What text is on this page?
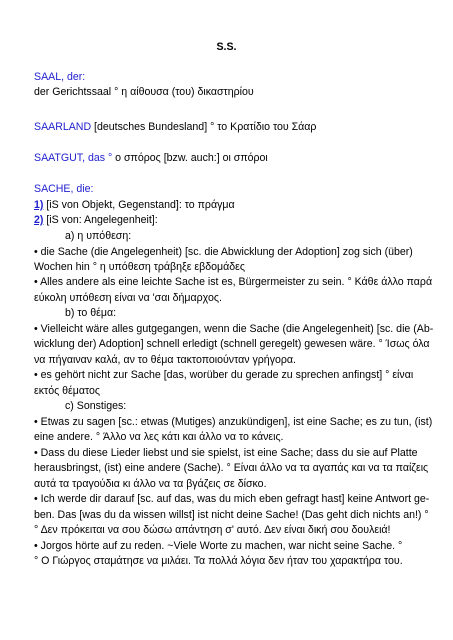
S.S.
SAAL, der:
der Gerichtssaal ° η αίθουσα (του) δικαστηρίου
SAARLAND [deutsches Bundesland] ° το Κρατίδιο του Σάαρ
SAATGUT, das ° ο σπόρος [bzw. auch:] οι σπόροι
SACHE, die:
1) [iS von Objekt, Gegenstand]: το πράγμα
2) [iS von: Angelegenheit]:
a) η υπόθεση:
• die Sache (die Angelegenheit) [sc. die Abwicklung der Adoption] zog sich (über)
Wochen hin ° η υπόθεση τράβηξε εβδομάδες
• Alles andere als eine leichte Sache ist es, Bürgermeister zu sein. ° Κάθε άλλο παρά
εύκολη υπόθεση είναι να 'σαι δήμαρχος.
b) το θέμα:
• Vielleicht wäre alles gutgegangen, wenn die Sache (die Angelegenheit) [sc. die (Ab-
wicklung der) Adoption] schnell erledigt (schnell geregelt) gewesen wäre. ° Ίσως όλα
να πήγαιναν καλά, αν το θέμα τακτοποιούνταν γρήγορα.
• es gehört nicht zur Sache [das, worüber du gerade zu sprechen anfingst] ° είναι
εκτός θέματος
c) Sonstiges:
• Etwas zu sagen [sc.: etwas (Mutiges) anzukündigen], ist eine Sache; es zu tun, (ist)
eine andere. ° Άλλο να λες κάτι και άλλο να το κάνεις.
• Dass du diese Lieder liebst und sie spielst, ist eine Sache; dass du sie auf Platte
herausbringst, (ist) eine andere (Sache). ° Είναι άλλο να τα αγαπάς και να τα παίζεις
αυτά τα τραγούδια κι άλλο να τα βγάζεις σε δίσκο.
• Ich werde dir darauf [sc. auf das, was du mich eben gefragt hast] keine Antwort ge-
ben. Das [was du da wissen willst] ist nicht deine Sache! (Das geht dich nichts an!) °
° Δεν πρόκειται να σου δώσω απάντηση σ' αυτό. Δεν είναι δική σου δουλειά!
• Jorgos hörte auf zu reden. ~Viele Worte zu machen, war nicht seine Sache. °
° Ο Γιώργος σταμάτησε να μιλάει. Τα πολλά λόγια δεν ήταν του χαρακτήρα του.
